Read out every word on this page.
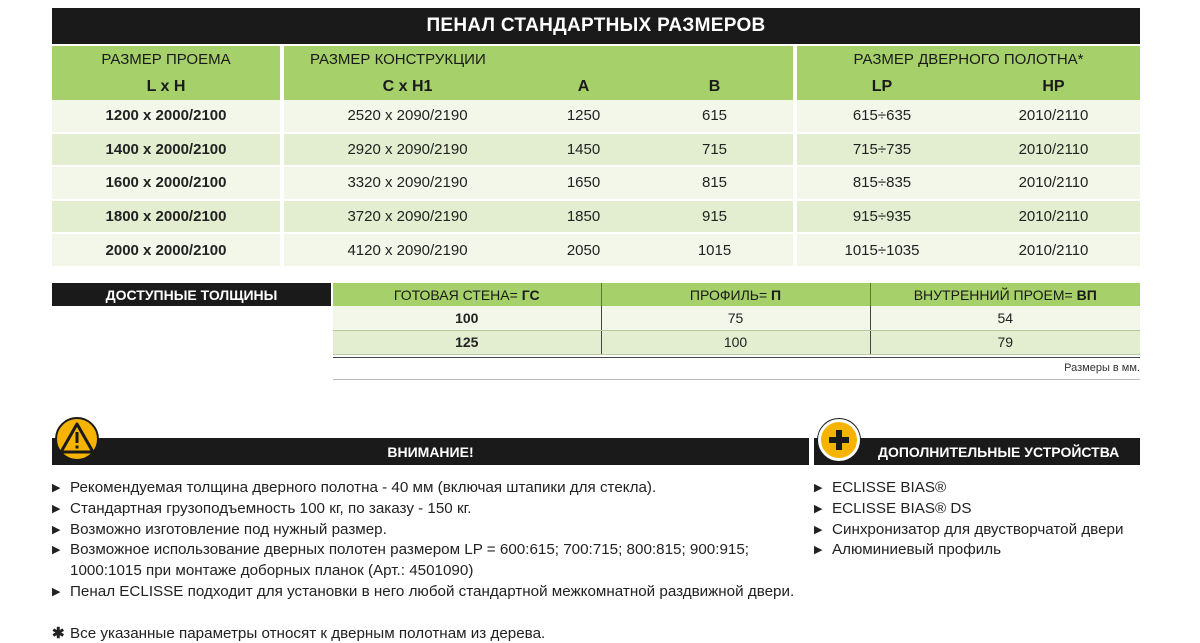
ПЕНАЛ СТАНДАРТНЫХ РАЗМЕРОВ
РАЗМЕР ПРОЕМА	РАЗМЕР КОНСТРУКЦИИ			РАЗМЕР ДВЕРНОГО ПОЛОТНА*	
L x H	C x H1	A	B	LP	HP
1200 x 2000/2100	2520 x 2090/2190	1250	615	615÷635	2010/2110
1400 x 2000/2100	2920 x 2090/2190	1450	715	715÷735	2010/2110
1600 x 2000/2100	3320 x 2090/2190	1650	815	815÷835	2010/2110
1800 x 2000/2100	3720 x 2090/2190	1850	915	915÷935	2010/2110
2000 x 2000/2100	4120 x 2090/2190	2050	1015	1015÷1035	2010/2110
ДОСТУПНЫЕ ТОЛЩИНЫ	ГОТОВАЯ СТЕНА= ГС	ПРОФИЛЬ= П	ВНУТРЕННИЙ ПРОЕМ= ВП
100	75	54
125	100	79
Размеры в мм.
ВНИМАНИЕ!
▶ Рекомендуемая толщина дверного полотна - 40 мм (включая штапики для стекла).
▶ Стандартная грузоподъемность 100 кг, по заказу - 150 кг.
▶ Возможно изготовление под нужный размер.
▶ Возможное использование дверных полотен размером LP = 600:615; 700:715; 800:815; 900:915; 1000:1015 при монтаже доборных планок (Арт.: 4501090)
▶ Пенал ECLISSE подходит для установки в него любой стандартной межкомнатной раздвижной двери.
✱ Все указанные параметры относят к дверным полотнам из дерева.
ДОПОЛНИТЕЛЬНЫЕ УСТРОЙСТВА
▶ ECLISSE BIAS®
▶ ECLISSE BIAS® DS
▶ Синхронизатор для двустворчатой двери
▶ Алюминиевый профиль
